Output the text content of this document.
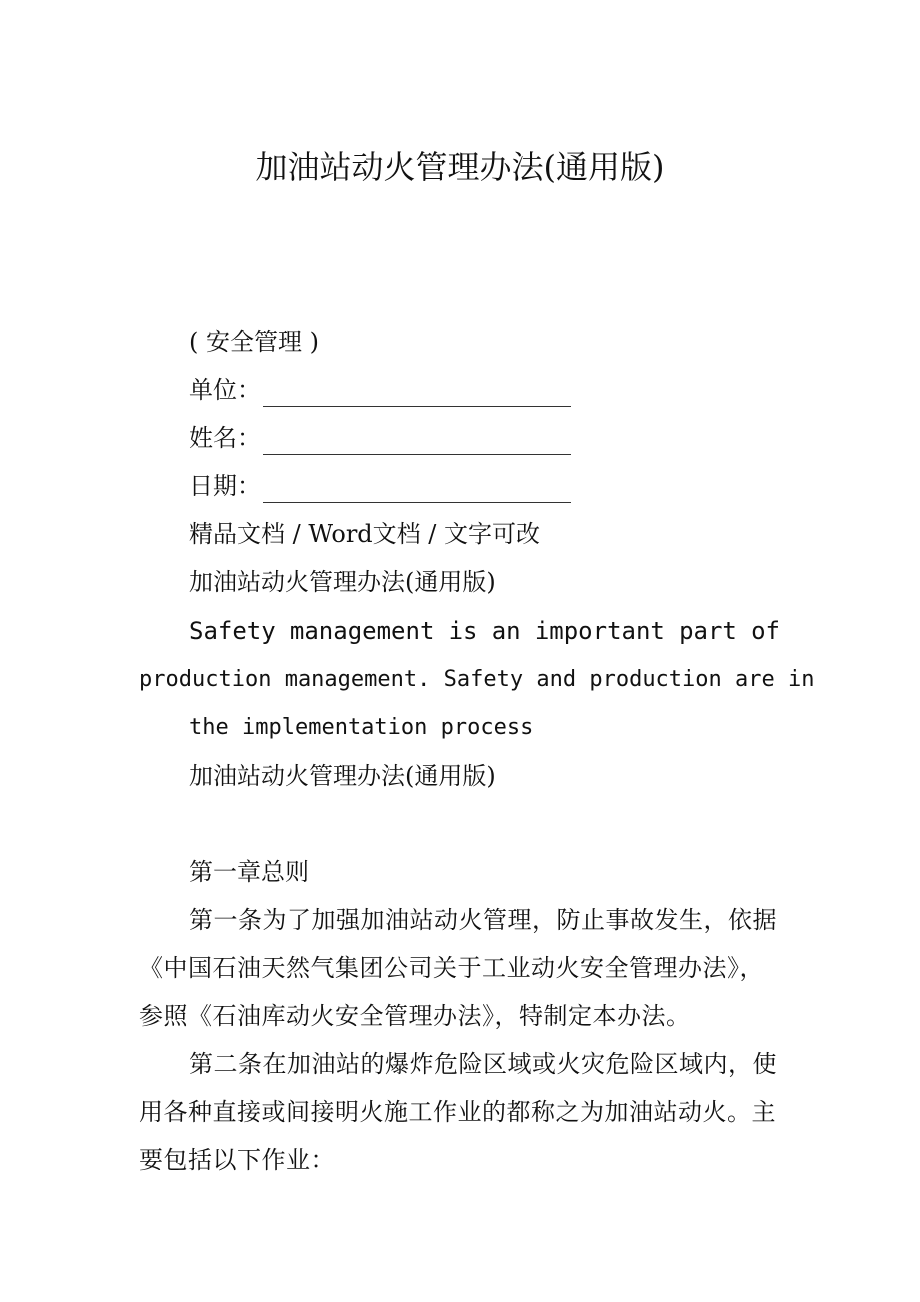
加油站动火管理办法(通用版)
( 安全管理 )
单位：
姓名：
日期：
精品文档 / Word文档 / 文字可改
加油站动火管理办法(通用版)
Safety management is an important part of
production management. Safety and production are in
the implementation process
加油站动火管理办法(通用版)
第一章总则
第一条为了加强加油站动火管理，防止事故发生，依据
《中国石油天然气集团公司关于工业动火安全管理办法》，
参照《石油库动火安全管理办法》，特制定本办法。
第二条在加油站的爆炸危险区域或火灾危险区域内，使
用各种直接或间接明火施工作业的都称之为加油站动火。主
要包括以下作业：
